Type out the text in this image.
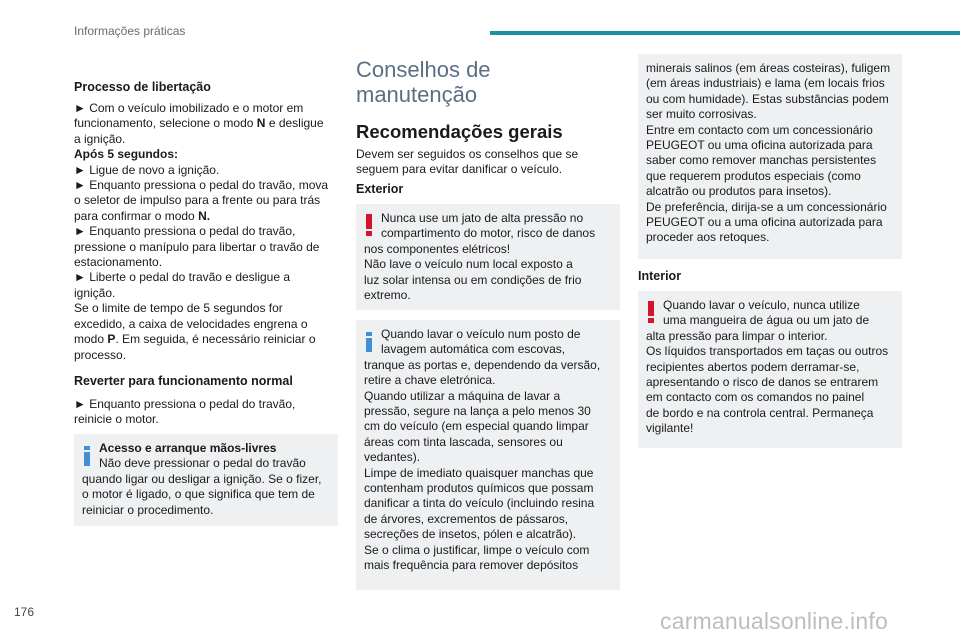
Informações práticas
176	carmanualsonline.info
Processo de libertação
► Com o veículo imobilizado e o motor em
funcionamento, selecione o modo N e desligue
a ignição.
Após 5 segundos:
► Ligue de novo a ignição.
► Enquanto pressiona o pedal do travão, mova
o seletor de impulso para a frente ou para trás
para confirmar o modo N.
► Enquanto pressiona o pedal do travão,
pressione o manípulo para libertar o travão de
estacionamento.
► Liberte o pedal do travão e desligue a
ignição.
Se o limite de tempo de 5 segundos for
excedido, a caixa de velocidades engrena o
modo P. Em seguida, é necessário reiniciar o
processo.
Reverter para funcionamento normal
► Enquanto pressiona o pedal do travão,
reinicie o motor.
Acesso e arranque mãos-livres
Não deve pressionar o pedal do travão
quando ligar ou desligar a ignição. Se o fizer,
o motor é ligado, o que significa que tem de
reiniciar o procedimento.
Conselhos de
manutenção
Recomendações gerais
Devem ser seguidos os conselhos que se
seguem para evitar danificar o veículo.
Exterior
Nunca use um jato de alta pressão no
compartimento do motor, risco de danos
nos componentes elétricos!
Não lave o veículo num local exposto a
luz solar intensa ou em condições de frio
extremo.
Quando lavar o veículo num posto de
lavagem automática com escovas,
tranque as portas e, dependendo da versão,
retire a chave eletrónica.
Quando utilizar a máquina de lavar a
pressão, segure na lança a pelo menos 30
cm do veículo (em especial quando limpar
áreas com tinta lascada, sensores ou
vedantes).
Limpe de imediato quaisquer manchas que
contenham produtos químicos que possam
danificar a tinta do veículo (incluindo resina
de árvores, excrementos de pássaros,
secreções de insetos, pólen e alcatrão).
Se o clima o justificar, limpe o veículo com
mais frequência para remover depósitos
minerais salinos (em áreas costeiras), fuligem
(em áreas industriais) e lama (em locais frios
ou com humidade). Estas substâncias podem
ser muito corrosivas.
Entre em contacto com um concessionário
PEUGEOT ou uma oficina autorizada para
saber como remover manchas persistentes
que requerem produtos especiais (como
alcatrão ou produtos para insetos).
De preferência, dirija-se a um concessionário
PEUGEOT ou a uma oficina autorizada para
proceder aos retoques.
Interior
Quando lavar o veículo, nunca utilize
uma mangueira de água ou um jato de
alta pressão para limpar o interior.
Os líquidos transportados em taças ou outros
recipientes abertos podem derramar-se,
apresentando o risco de danos se entrarem
em contacto com os comandos no painel
de bordo e na controla central. Permaneça
vigilante!
